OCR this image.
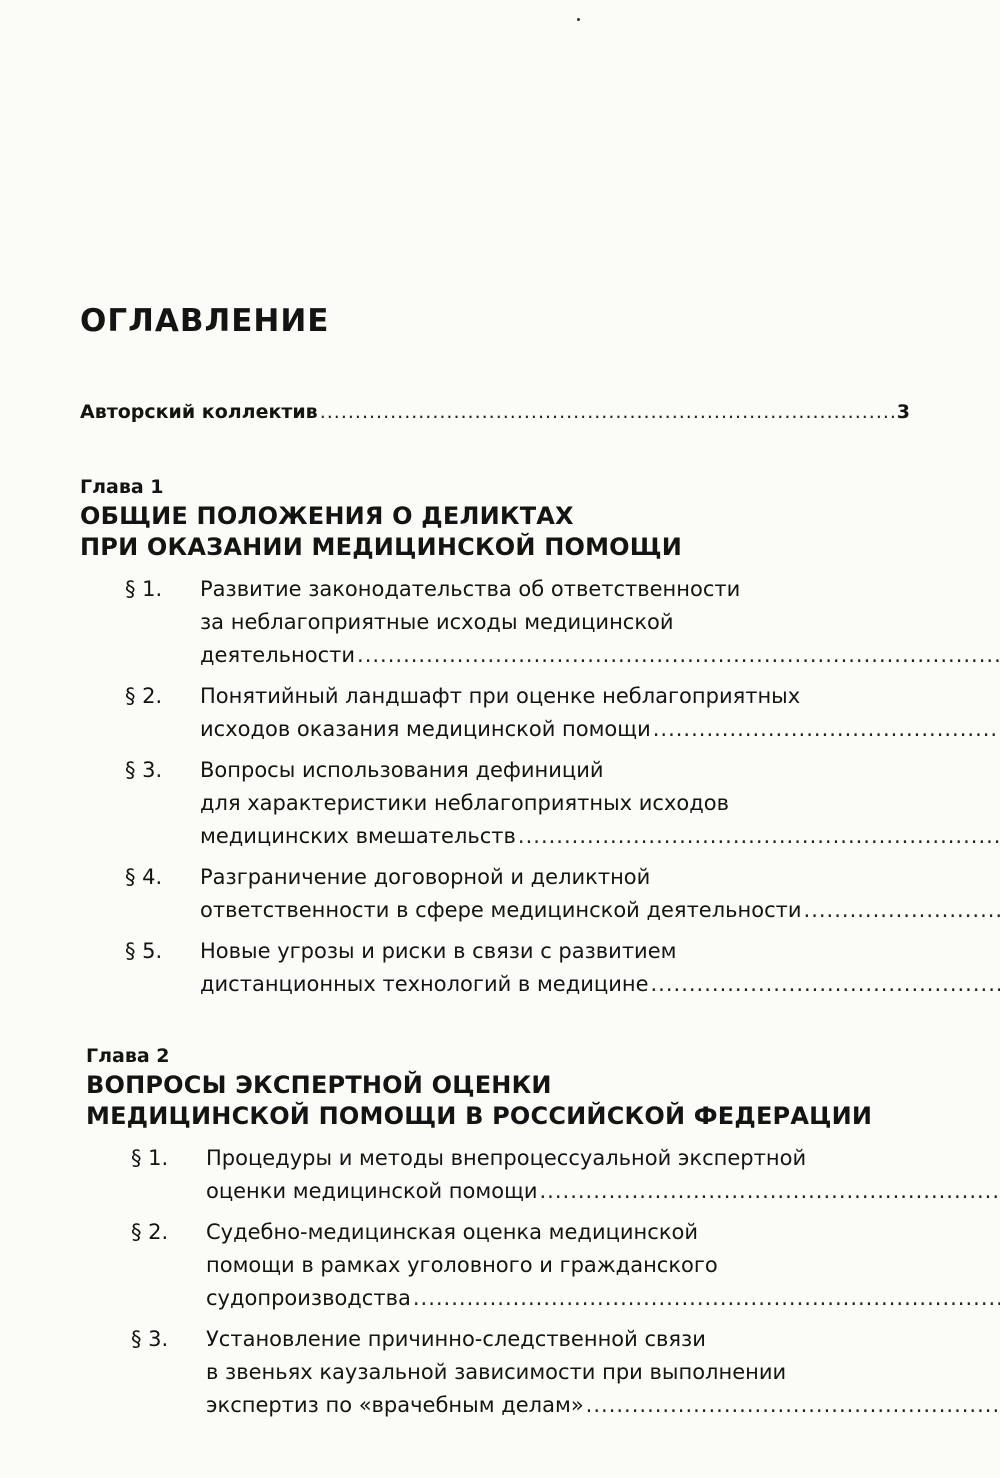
ОГЛАВЛЕНИЕ
Авторский коллектив
.....	3

Глава 1

ОБЩИЕ ПОЛОЖЕНИЯ О ДЕЛИКТАХ
ПРИ ОКАЗАНИИ МЕДИЦИНСКОЙ ПОМОЩИ
§ 1.	Развитие законодательства об ответственности
за неблагоприятные исходы медицинской
деятельности
.....
§ 2.	Понятийный ландшафт при оценке неблагоприятных
исходов оказания медицинской помощи
.....
§ 3.	Вопросы использования дефиниций
для характеристики неблагоприятных исходов
медицинских вмешательств
.....
§ 4.	Разграничение договорной и деликтной
ответственности в сфере медицинской деятельности
.....
§ 5.	Новые угрозы и риски в связи с развитием
дистанционных технологий в медицине
.....

Глава 2

ВОПРОСЫ ЭКСПЕРТНОЙ ОЦЕНКИ
МЕДИЦИНСКОЙ ПОМОЩИ В РОССИЙСКОЙ ФЕДЕРАЦИИ
§ 1.	Процедуры и методы внепроцессуальной экспертной
оценки медицинской помощи
.....
§ 2.	Судебно-медицинская оценка медицинской
помощи в рамках уголовного и гражданского
судопроизводства
.....
§ 3.	Установление причинно-следственной связи
в звеньях каузальной зависимости при выполнении
экспертиз по «врачебным делам»
.....
